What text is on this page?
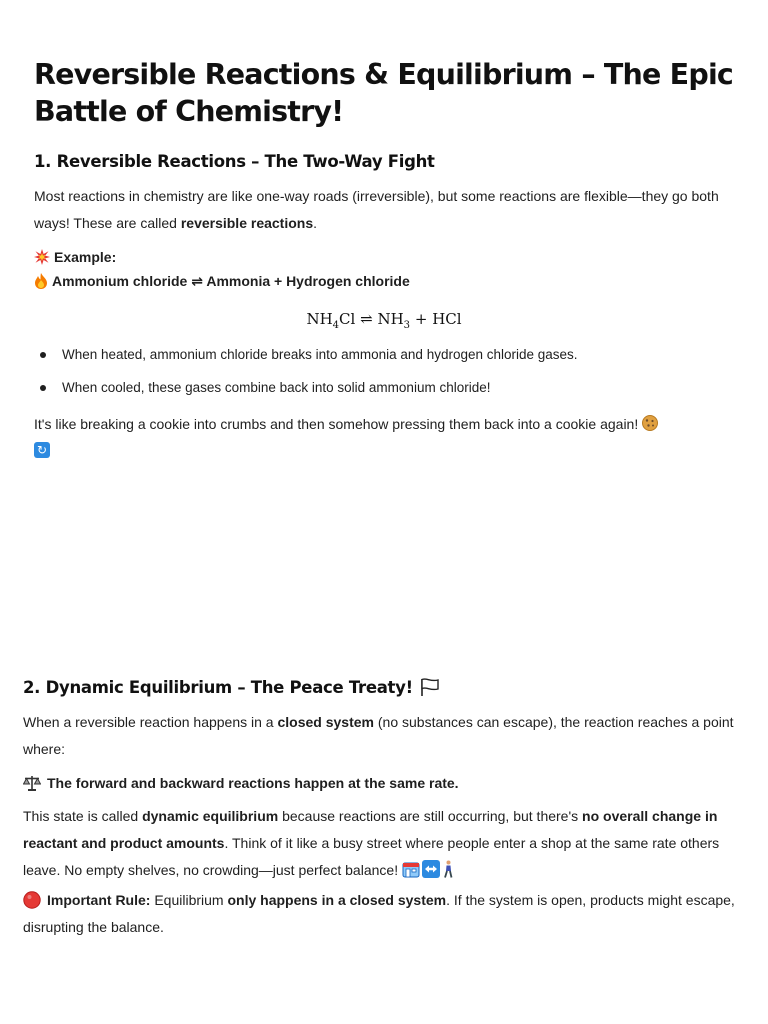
Reversible Reactions & Equilibrium – The Epic Battle of Chemistry!
1. Reversible Reactions – The Two-Way Fight

Most reactions in chemistry are like one-way roads (irreversible), but some reactions are flexible—they go both ways! These are called reversible reactions.

Example:
Ammonium chloride ⇌ Ammonia + Hydrogen chloride
$NH_4Cl$ ⇌ $NH_3$ + HCl
When heated, ammonium chloride breaks into ammonia and hydrogen chloride gases.
When cooled, these gases combine back into solid ammonium chloride!

It's like breaking a cookie into crumbs and then somehow pressing them back into a cookie again!

↻
2. Dynamic Equilibrium – The Peace Treaty!

When a reversible reaction happens in a closed system (no substances can escape), the reaction reaches a point where:

The forward and backward reactions happen at the same rate.

This state is called dynamic equilibrium because reactions are still occurring, but there's no overall change in reactant and product amounts. Think of it like a busy street where people enter a shop at the same rate others leave. No empty shelves, no crowding—just perfect balance!

Important Rule: Equilibrium only happens in a closed system. If the system is open, products might escape, disrupting the balance.
